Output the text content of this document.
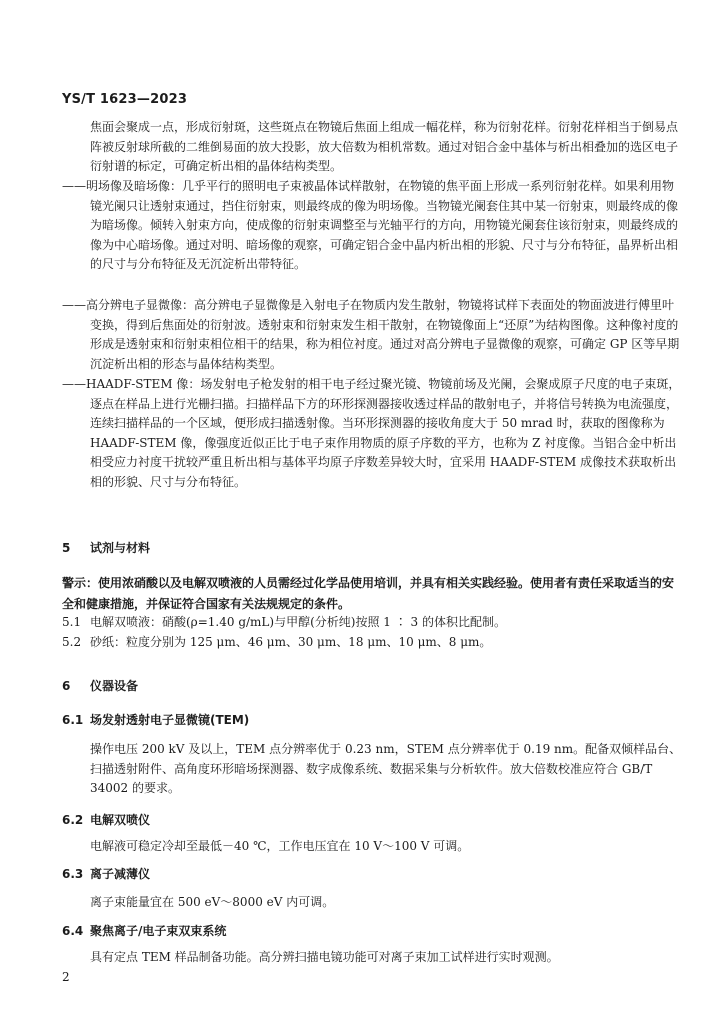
YS/T 1623—2023
焦面会聚成一点，形成衍射斑，这些斑点在物镜后焦面上组成一幅花样，称为衍射花样。衍射花样相当于倒易点阵被反射球所截的二维倒易面的放大投影，放大倍数为相机常数。通过对铝合金中基体与析出相叠加的选区电子衍射谱的标定，可确定析出相的晶体结构类型。
——明场像及暗场像：几乎平行的照明电子束被晶体试样散射，在物镜的焦平面上形成一系列衍射花样。如果利用物镜光阑只让透射束通过，挡住衍射束，则最终成的像为明场像。当物镜光阑套住其中某一衍射束，则最终成的像为暗场像。倾转入射束方向，使成像的衍射束调整至与光轴平行的方向，用物镜光阑套住该衍射束，则最终成的像为中心暗场像。通过对明、暗场像的观察，可确定铝合金中晶内析出相的形貌、尺寸与分布特征，晶界析出相的尺寸与分布特征及无沉淀析出带特征。
——高分辨电子显微像：高分辨电子显微像是入射电子在物质内发生散射，物镜将试样下表面处的物面波进行傅里叶变换，得到后焦面处的衍射波。透射束和衍射束发生相干散射，在物镜像面上“还原”为结构图像。这种像衬度的形成是透射束和衍射束相位相干的结果，称为相位衬度。通过对高分辨电子显微像的观察，可确定 GP 区等早期沉淀析出相的形态与晶体结构类型。
——HAADF-STEM 像：场发射电子枪发射的相干电子经过聚光镜、物镜前场及光阑，会聚成原子尺度的电子束斑，逐点在样品上进行光栅扫描。扫描样品下方的环形探测器接收透过样品的散射电子，并将信号转换为电流强度，连续扫描样品的一个区域，便形成扫描透射像。当环形探测器的接收角度大于 50 mrad 时，获取的图像称为 HAADF-STEM 像，像强度近似正比于电子束作用物质的原子序数的平方，也称为 Z 衬度像。当铝合金中析出相受应力衬度干扰较严重且析出相与基体平均原子序数差异较大时，宜采用 HAADF-STEM 成像技术获取析出相的形貌、尺寸与分布特征。
5 试剂与材料
警示：使用浓硝酸以及电解双喷液的人员需经过化学品使用培训，并具有相关实践经验。使用者有责任采取适当的安全和健康措施，并保证符合国家有关法规规定的条件。
5.1 电解双喷液：硝酸(ρ=1.40 g/mL)与甲醇(分析纯)按照 1 ∶ 3 的体积比配制。
5.2 砂纸：粒度分别为 125 μm、46 μm、30 μm、18 μm、10 μm、8 μm。
6 仪器设备
6.1 场发射透射电子显微镜(TEM)
操作电压 200 kV 及以上，TEM 点分辨率优于 0.23 nm，STEM 点分辨率优于 0.19 nm。配备双倾样品台、扫描透射附件、高角度环形暗场探测器、数字成像系统、数据采集与分析软件。放大倍数校准应符合 GB/T 34002 的要求。
6.2 电解双喷仪
电解液可稳定冷却至最低－40 ℃，工作电压宜在 10 V～100 V 可调。
6.3 离子减薄仪
离子束能量宜在 500 eV～8000 eV 内可调。
6.4 聚焦离子/电子束双束系统
具有定点 TEM 样品制备功能。高分辨扫描电镜功能可对离子束加工试样进行实时观测。
2
